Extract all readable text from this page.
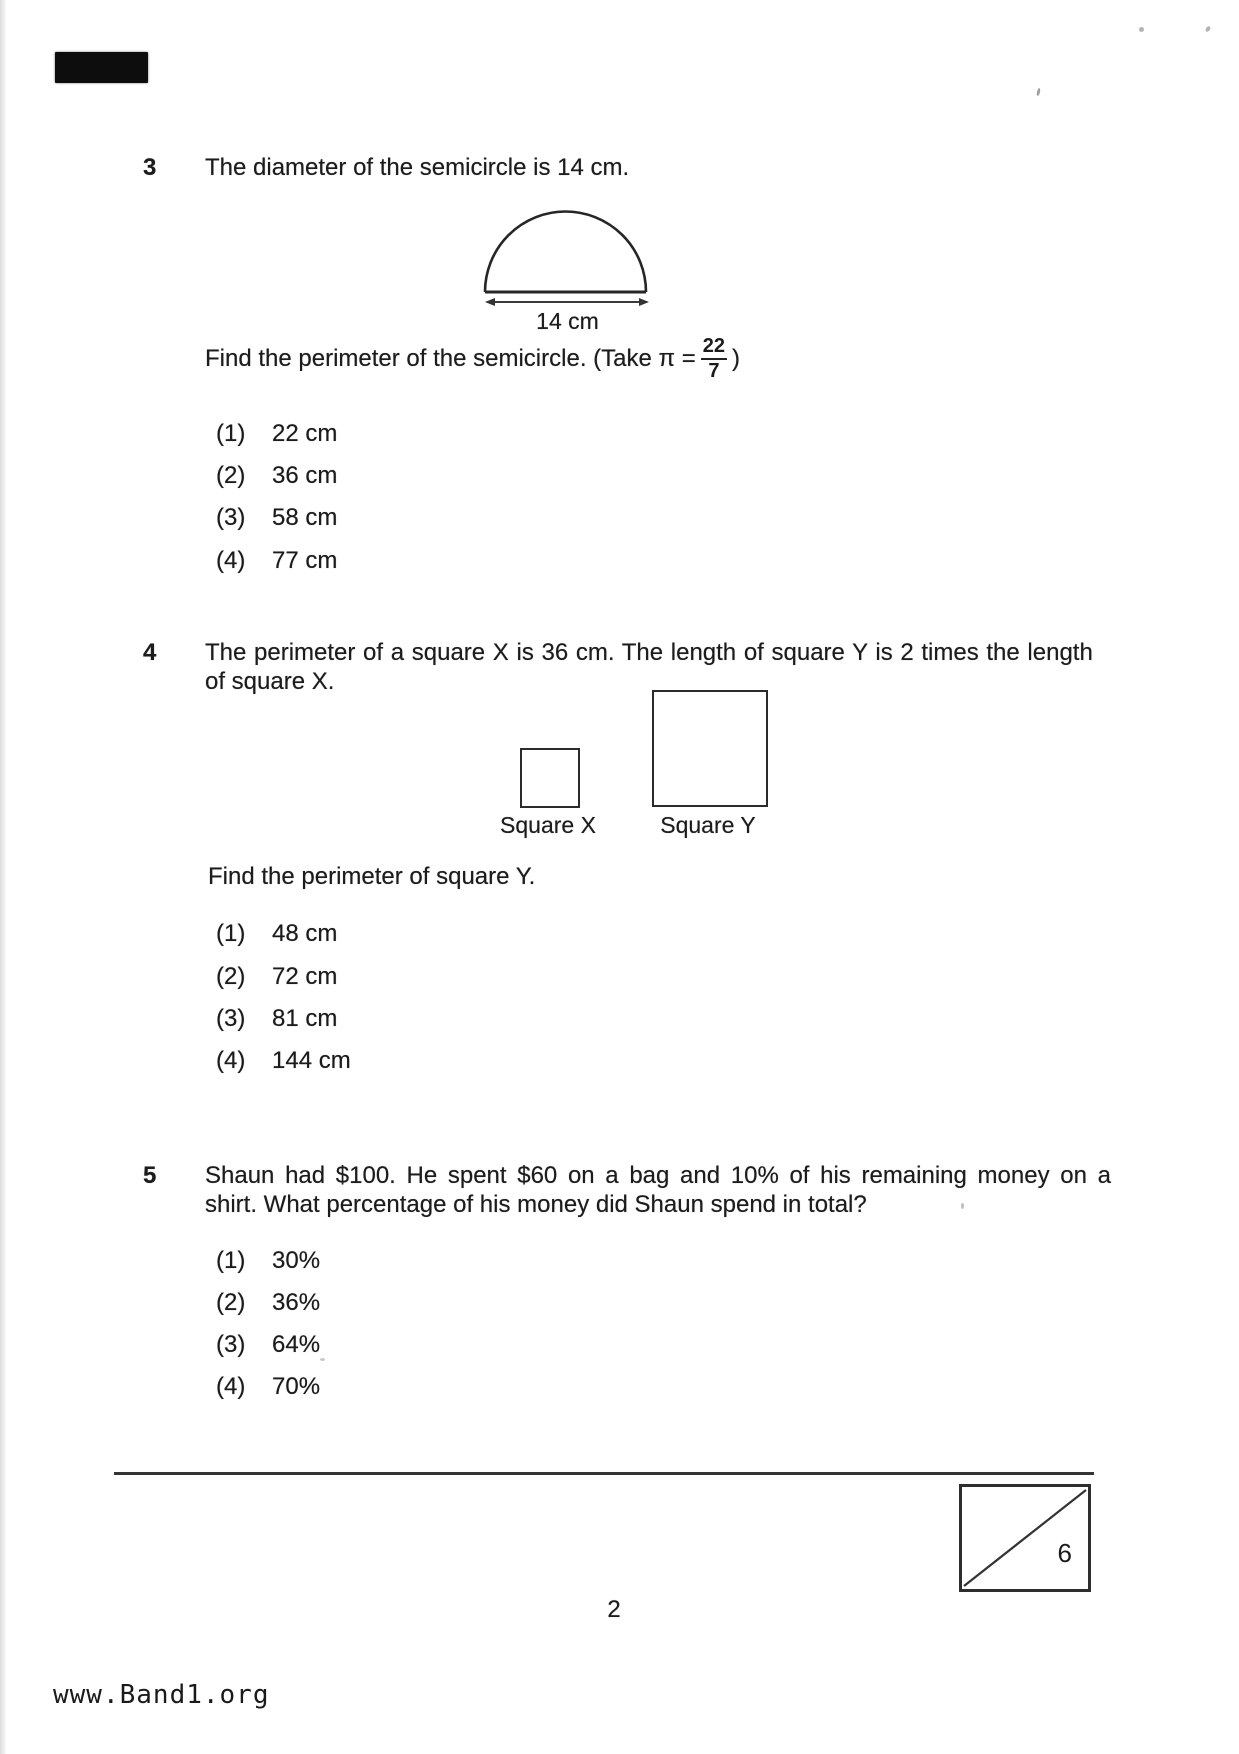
3 The diameter of the semicircle is 14 cm.
14 cm
Find the perimeter of the semicircle. (Take $\pi = \frac{22}{7}$ )
(1) 22 cm
(2) 36 cm
(3) 58 cm
(4) 77 cm
4 The perimeter of a square X is 36 cm. The length of square Y is 2 times the length
of square X.
Square X	Square Y
Find the perimeter of square Y.
(1) 48 cm
(2) 72 cm
(3) 81 cm
(4) 144 cm
5 Shaun had $100. He spent $60 on a bag and 10% of his remaining money on a
shirt. What percentage of his money did Shaun spend in total?
(1) 30%
(2) 36%
(3) 64%
(4) 70%
6
2
www.Band1.org
